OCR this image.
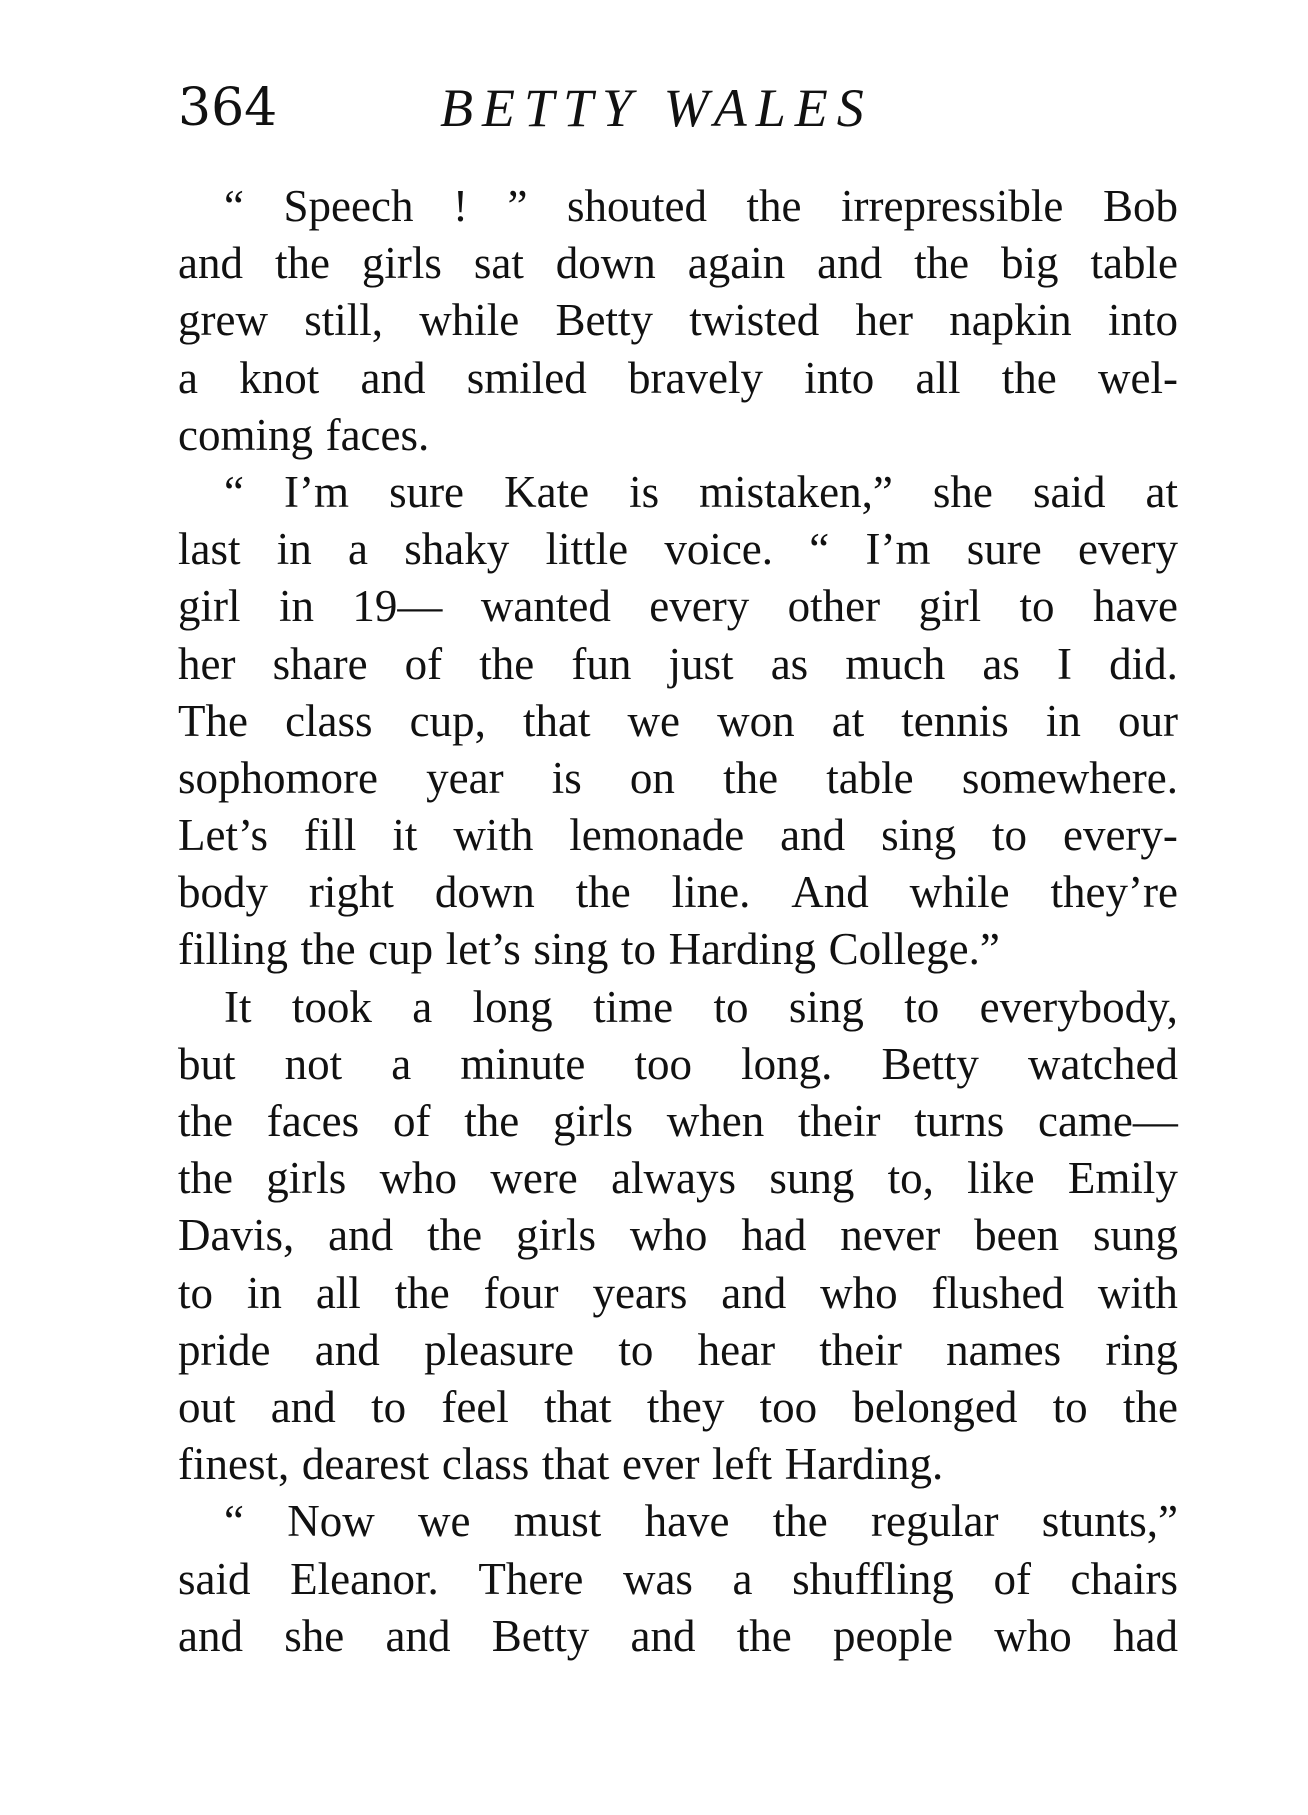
364	BETTY WALES
“ Speech ! ” shouted the irrepressible Bob
and the girls sat down again and the big table
grew still, while Betty twisted her napkin into
a knot and smiled bravely into all the wel-
coming faces.
“ I’m sure Kate is mistaken,” she said at
last in a shaky little voice. “ I’m sure every
girl in 19— wanted every other girl to have
her share of the fun just as much as I did.
The class cup, that we won at tennis in our
sophomore year is on the table somewhere.
Let’s fill it with lemonade and sing to every-
body right down the line. And while they’re
filling the cup let’s sing to Harding College.”
It took a long time to sing to everybody,
but not a minute too long. Betty watched
the faces of the girls when their turns came—
the girls who were always sung to, like Emily
Davis, and the girls who had never been sung
to in all the four years and who flushed with
pride and pleasure to hear their names ring
out and to feel that they too belonged to the
finest, dearest class that ever left Harding.
“ Now we must have the regular stunts,”
said Eleanor. There was a shuffling of chairs
and she and Betty and the people who had
